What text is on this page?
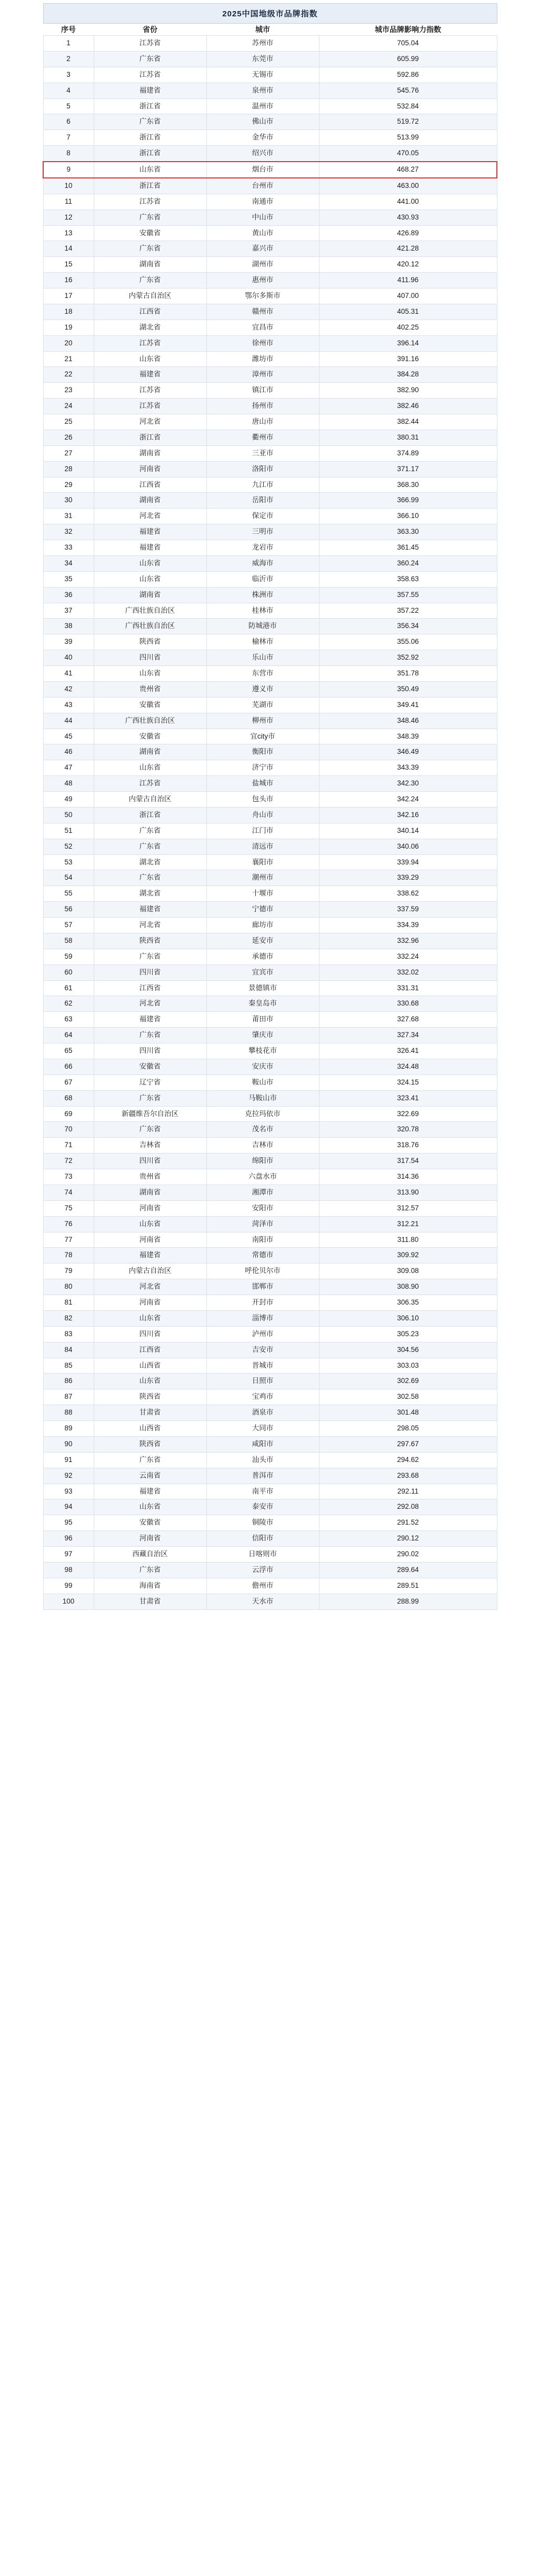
2025中国地级市品牌指数			
序号	省份	城市	城市品牌影响力指数
1	江苏省	苏州市	705.04
2	广东省	东莞市	605.99
3	江苏省	无锡市	592.86
4	福建省	泉州市	545.76
5	浙江省	温州市	532.84
6	广东省	佛山市	519.72
7	浙江省	金华市	513.99
8	浙江省	绍兴市	470.05
9	山东省	烟台市	468.27
10	浙江省	台州市	463.00
11	江苏省	南通市	441.00
12	广东省	中山市	430.93
13	安徽省	黄山市	426.89
14	广东省	嘉兴市	421.28
15	湖南省	湖州市	420.12
16	广东省	惠州市	411.96
17	内蒙古自治区	鄂尔多斯市	407.00
18	江西省	赣州市	405.31
19	湖北省	宜昌市	402.25
20	江苏省	徐州市	396.14
21	山东省	潍坊市	391.16
22	福建省	漳州市	384.28
23	江苏省	镇江市	382.90
24	江苏省	扬州市	382.46
25	河北省	唐山市	382.44
26	浙江省	衢州市	380.31
27	湖南省	三亚市	374.89
28	河南省	洛阳市	371.17
29	江西省	九江市	368.30
30	湖南省	岳阳市	366.99
31	河北省	保定市	366.10
32	福建省	三明市	363.30
33	福建省	龙岩市	361.45
34	山东省	威海市	360.24
35	山东省	临沂市	358.63
36	湖南省	株洲市	357.55
37	广西壮族自治区	桂林市	357.22
38	广西壮族自治区	防城港市	356.34
39	陕西省	榆林市	355.06
40	四川省	乐山市	352.92
41	山东省	东营市	351.78
42	贵州省	遵义市	350.49
43	安徽省	芜湖市	349.41
44	广西壮族自治区	柳州市	348.46
45	安徽省	宜city市	348.39
46	湖南省	衡阳市	346.49
47	山东省	济宁市	343.39
48	江苏省	盐城市	342.30
49	内蒙古自治区	包头市	342.24
50	浙江省	舟山市	342.16
51	广东省	江门市	340.14
52	广东省	清远市	340.06
53	湖北省	襄阳市	339.94
54	广东省	潮州市	339.29
55	湖北省	十堰市	338.62
56	福建省	宁德市	337.59
57	河北省	廊坊市	334.39
58	陕西省	延安市	332.96
59	广东省	承德市	332.24
60	四川省	宜宾市	332.02
61	江西省	景德镇市	331.31
62	河北省	秦皇岛市	330.68
63	福建省	莆田市	327.68
64	广东省	肇庆市	327.34
65	四川省	攀枝花市	326.41
66	安徽省	安庆市	324.48
67	辽宁省	鞍山市	324.15
68	广东省	马鞍山市	323.41
69	新疆维吾尔自治区	克拉玛依市	322.69
70	广东省	茂名市	320.78
71	吉林省	吉林市	318.76
72	四川省	绵阳市	317.54
73	贵州省	六盘水市	314.36
74	湖南省	湘潭市	313.90
75	河南省	安阳市	312.57
76	山东省	菏泽市	312.21
77	河南省	南阳市	311.80
78	福建省	常德市	309.92
79	内蒙古自治区	呼伦贝尔市	309.08
80	河北省	邯郸市	308.90
81	河南省	开封市	306.35
82	山东省	淄博市	306.10
83	四川省	泸州市	305.23
84	江西省	吉安市	304.56
85	山西省	晋城市	303.03
86	山东省	日照市	302.69
87	陕西省	宝鸡市	302.58
88	甘肃省	酒泉市	301.48
89	山西省	大同市	298.05
90	陕西省	咸阳市	297.67
91	广东省	汕头市	294.62
92	云南省	普洱市	293.68
93	福建省	南平市	292.11
94	山东省	泰安市	292.08
95	安徽省	铜陵市	291.52
96	河南省	信阳市	290.12
97	西藏自治区	日喀则市	290.02
98	广东省	云浮市	289.64
99	海南省	儋州市	289.51
100	甘肃省	天水市	288.99
